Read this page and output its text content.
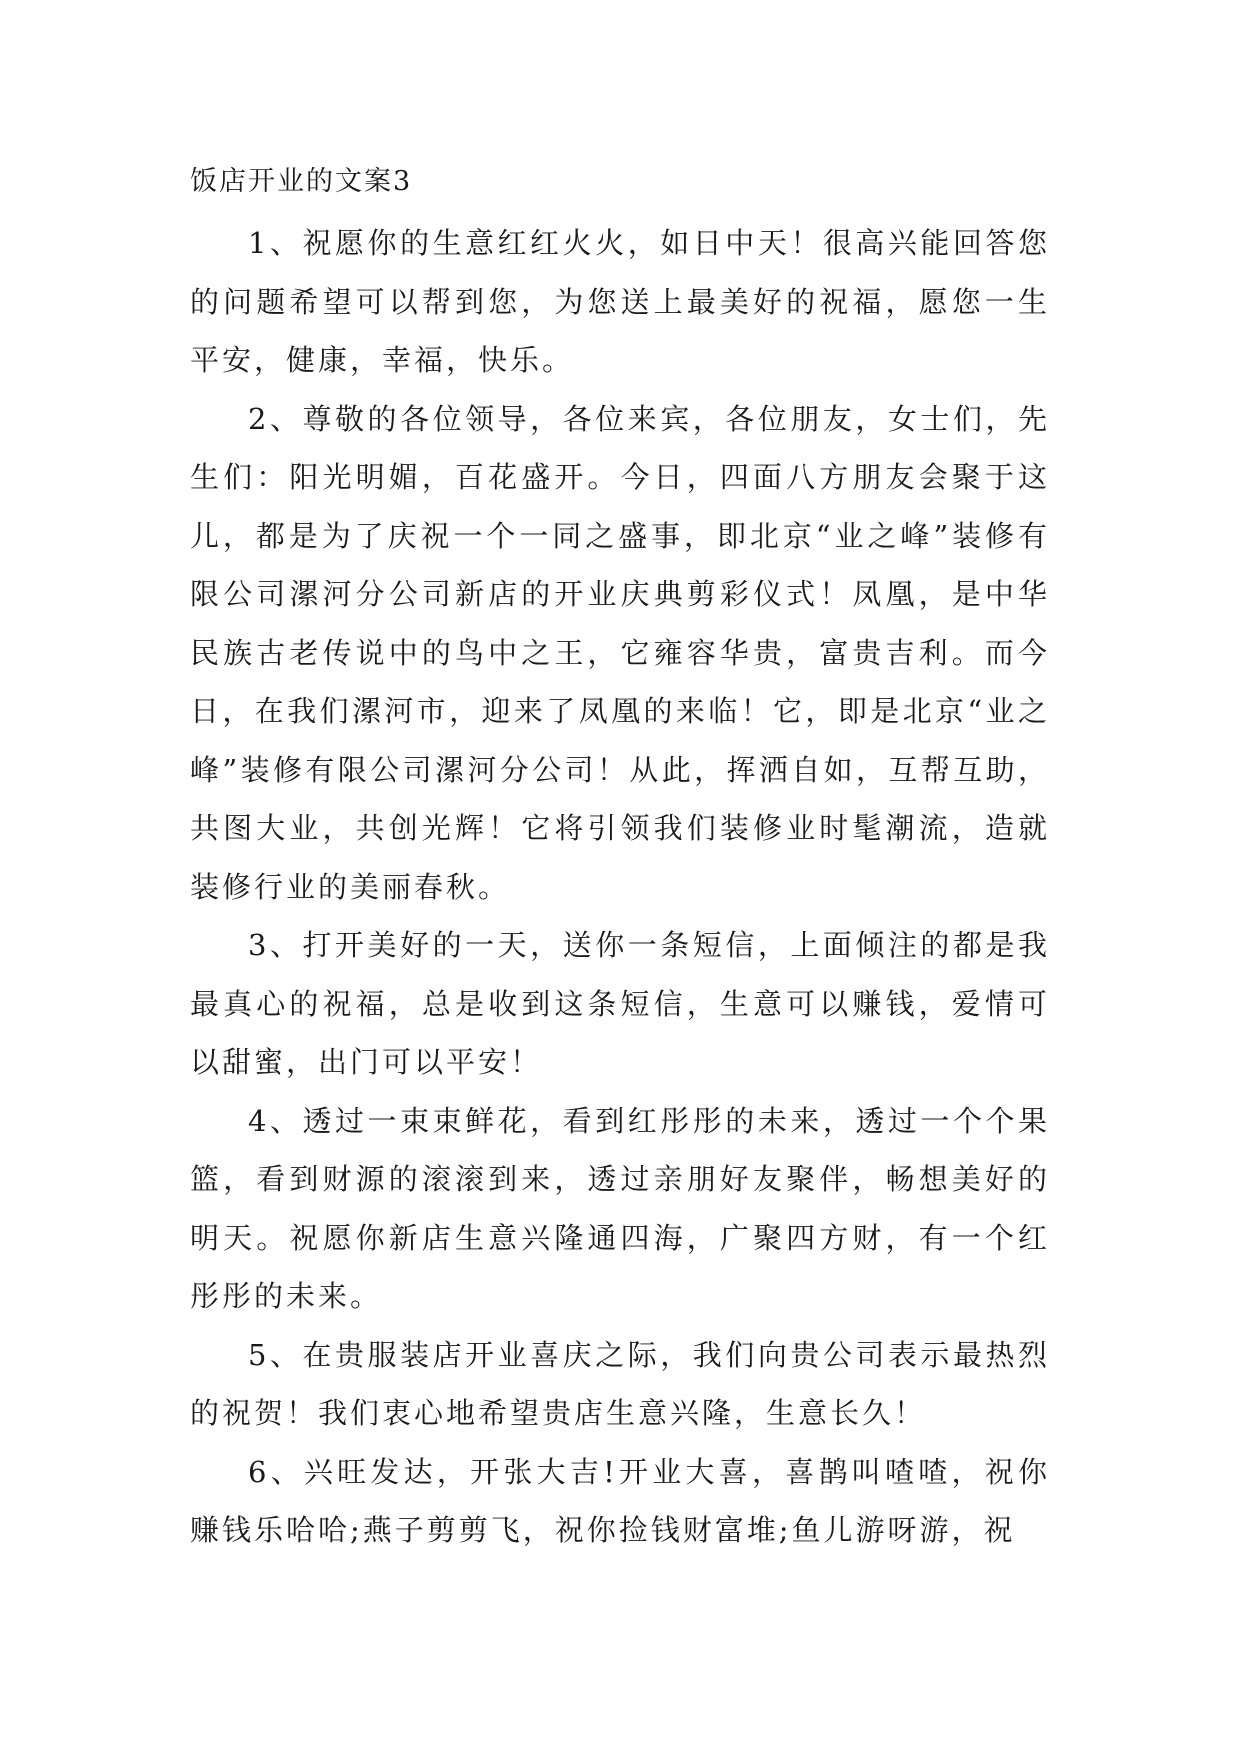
饭店开业的文案3

1、祝愿你的生意红红火火，如日中天！很高兴能回答您的问题希望可以帮到您，为您送上最美好的祝福，愿您一生平安，健康，幸福，快乐。

2、尊敬的各位领导，各位来宾，各位朋友，女士们，先生们：阳光明媚，百花盛开。今日，四面八方朋友会聚于这儿，都是为了庆祝一个一同之盛事，即北京“业之峰”装修有限公司漯河分公司新店的开业庆典剪彩仪式！凤凰，是中华民族古老传说中的鸟中之王，它雍容华贵，富贵吉利。而今日，在我们漯河市，迎来了凤凰的来临！它，即是北京“业之峰”装修有限公司漯河分公司！从此，挥洒自如，互帮互助，共图大业，共创光辉！它将引领我们装修业时髦潮流，造就装修行业的美丽春秋。

3、打开美好的一天，送你一条短信，上面倾注的都是我最真心的祝福，总是收到这条短信，生意可以赚钱，爱情可以甜蜜，出门可以平安！

4、透过一束束鲜花，看到红彤彤的未来，透过一个个果篮，看到财源的滚滚到来，透过亲朋好友聚伴，畅想美好的明天。祝愿你新店生意兴隆通四海，广聚四方财，有一个红彤彤的未来。

5、在贵服装店开业喜庆之际，我们向贵公司表示最热烈的祝贺！我们衷心地希望贵店生意兴隆，生意长久！

6、兴旺发达，开张大吉!开业大喜，喜鹊叫喳喳，祝你赚钱乐哈哈;燕子剪剪飞，祝你捡钱财富堆;鱼儿游呀游，祝
